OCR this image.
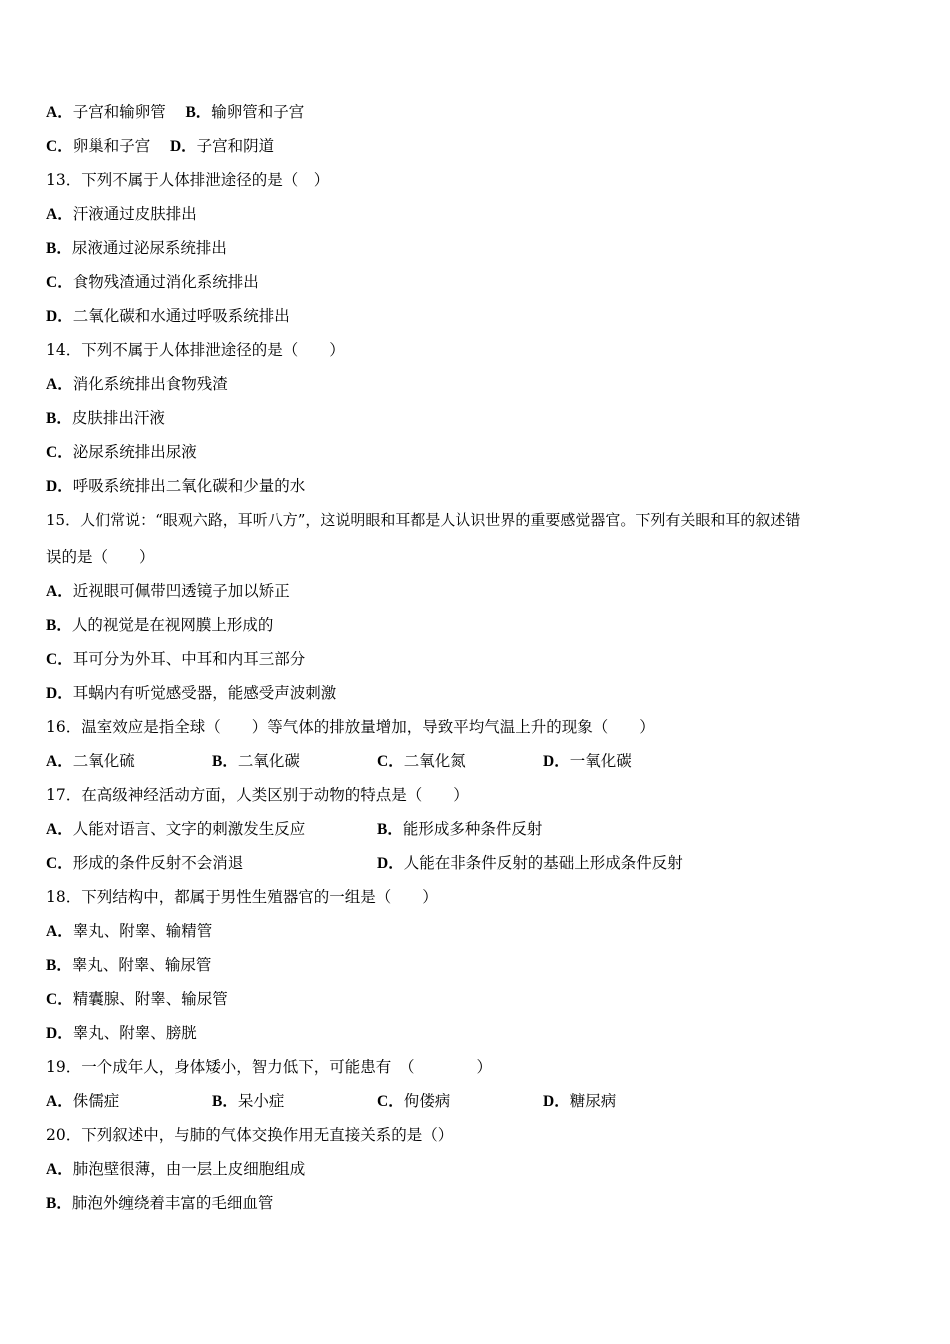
A．子宫和输卵管 B．输卵管和子宫
C．卵巢和子宫 D．子宫和阴道
13．下列不属于人体排泄途径的是（　）
A．汗液通过皮肤排出
B．尿液通过泌尿系统排出
C．食物残渣通过消化系统排出
D．二氧化碳和水通过呼吸系统排出
14．下列不属于人体排泄途径的是（　　）
A．消化系统排出食物残渣
B．皮肤排出汗液
C．泌尿系统排出尿液
D．呼吸系统排出二氧化碳和少量的水
15．人们常说：“眼观六路，耳听八方”，这说明眼和耳都是人认识世界的重要感觉器官。下列有关眼和耳的叙述错
误的是（　　）
A．近视眼可佩带凹透镜子加以矫正
B．人的视觉是在视网膜上形成的
C．耳可分为外耳、中耳和内耳三部分
D．耳蜗内有听觉感受器，能感受声波刺激
16．温室效应是指全球（　　）等气体的排放量增加，导致平均气温上升的现象（　　）
A．二氧化硫	B．二氧化碳	C．二氧化氮	D．一氧化碳
17．在高级神经活动方面，人类区别于动物的特点是（　　）
A．人能对语言、文字的刺激发生反应	B．能形成多种条件反射
C．形成的条件反射不会消退	D．人能在非条件反射的基础上形成条件反射
18．下列结构中，都属于男性生殖器官的一组是（　　）
A．睾丸、附睾、输精管
B．睾丸、附睾、输尿管
C．精囊腺、附睾、输尿管
D．睾丸、附睾、膀胱
19．一个成年人，身体矮小，智力低下，可能患有　（　　　　）
A．侏儒症	B．呆小症	C．佝偻病	D．糖尿病
20．下列叙述中，与肺的气体交换作用无直接关系的是（）
A．肺泡壁很薄，由一层上皮细胞组成
B．肺泡外缠绕着丰富的毛细血管
